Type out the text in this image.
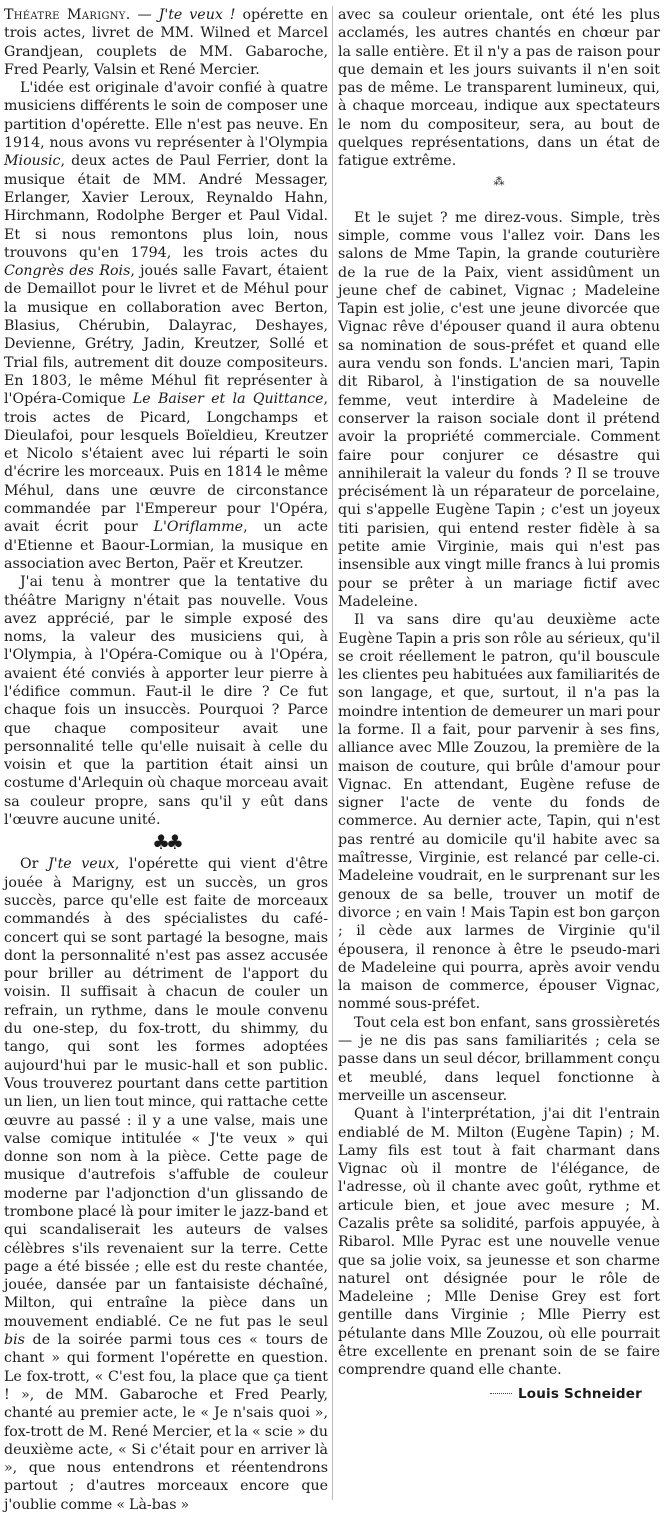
Théatre Marigny. — J'te veux ! opérette en trois actes, livret de MM. Wilned et Marcel Grandjean, couplets de MM. Gabaroche, Fred Pearly, Valsin et René Mercier.

L'idée est originale d'avoir confié à quatre musiciens différents le soin de composer une partition d'opérette. Elle n'est pas neuve. En 1914, nous avons vu représenter à l'Olympia Miousic, deux actes de Paul Ferrier, dont la musique était de MM. André Messager, Erlanger, Xavier Leroux, Reynaldo Hahn, Hirchmann, Rodolphe Berger et Paul Vidal. Et si nous remontons plus loin, nous trouvons qu'en 1794, les trois actes du Congrès des Rois, joués salle Favart, étaient de Demaillot pour le livret et de Méhul pour la musique en collaboration avec Berton, Blasius, Chérubin, Dalayrac, Deshayes, Devienne, Grétry, Jadin, Kreutzer, Sollé et Trial fils, autrement dit douze compositeurs. En 1803, le même Méhul fit représenter à l'Opéra-Comique Le Baiser et la Quittance, trois actes de Picard, Longchamps et Dieulafoi, pour lesquels Boïeldieu, Kreutzer et Nicolo s'étaient avec lui réparti le soin d'écrire les morceaux. Puis en 1814 le même Méhul, dans une œuvre de circonstance commandée par l'Empereur pour l'Opéra, avait écrit pour L'Oriflamme, un acte d'Etienne et Baour-Lormian, la musique en association avec Berton, Paër et Kreutzer.

J'ai tenu à montrer que la tentative du théâtre Marigny n'était pas nouvelle. Vous avez apprécié, par le simple exposé des noms, la valeur des musiciens qui, à l'Olympia, à l'Opéra-Comique ou à l'Opéra, avaient été conviés à apporter leur pierre à l'édifice commun. Faut-il le dire ? Ce fut chaque fois un insuccès. Pourquoi ? Parce que chaque compositeur avait une personnalité telle qu'elle nuisait à celle du voisin et que la partition était ainsi un costume d'Arlequin où chaque morceau avait sa couleur propre, sans qu'il y eût dans l'œuvre aucune unité.

♣♣

Or J'te veux, l'opérette qui vient d'être jouée à Marigny, est un succès, un gros succès, parce qu'elle est faite de morceaux commandés à des spécialistes du café-concert qui se sont partagé la besogne, mais dont la personnalité n'est pas assez accusée pour briller au détriment de l'apport du voisin. Il suffisait à chacun de couler un refrain, un rythme, dans le moule convenu du one-step, du fox-trott, du shimmy, du tango, qui sont les formes adoptées aujourd'hui par le music-hall et son public. Vous trouverez pourtant dans cette partition un lien, un lien tout mince, qui rattache cette œuvre au passé : il y a une valse, mais une valse comique intitulée « J'te veux » qui donne son nom à la pièce. Cette page de musique d'autrefois s'affuble de couleur moderne par l'adjonction d'un glissando de trombone placé là pour imiter le jazz-band et qui scandaliserait les auteurs de valses célèbres s'ils revenaient sur la terre. Cette page a été bissée ; elle est du reste chantée, jouée, dansée par un fantaisiste déchaîné, Milton, qui entraîne la pièce dans un mouvement endiablé. Ce ne fut pas le seul bis de la soirée parmi tous ces « tours de chant » qui forment l'opérette en question. Le fox-trott, « C'est fou, la place que ça tient ! », de MM. Gabaroche et Fred Pearly, chanté au premier acte, le « Je n'sais quoi », fox-trott de M. René Mercier, et la « scie » du deuxième acte, « Si c'était pour en arriver là », que nous entendrons et réentendrons partout ; d'autres morceaux encore que j'oublie comme « Là-bas »

avec sa couleur orientale, ont été les plus acclamés, les autres chantés en chœur par la salle entière. Et il n'y a pas de raison pour que demain et les jours suivants il n'en soit pas de même. Le transparent lumineux, qui, à chaque morceau, indique aux spectateurs le nom du compositeur, sera, au bout de quelques représentations, dans un état de fatigue extrême.

⁂

Et le sujet ? me direz-vous. Simple, très simple, comme vous l'allez voir. Dans les salons de Mme Tapin, la grande couturière de la rue de la Paix, vient assidûment un jeune chef de cabinet, Vignac ; Madeleine Tapin est jolie, c'est une jeune divorcée que Vignac rêve d'épouser quand il aura obtenu sa nomination de sous-préfet et quand elle aura vendu son fonds. L'ancien mari, Tapin dit Ribarol, à l'instigation de sa nouvelle femme, veut interdire à Madeleine de conserver la raison sociale dont il prétend avoir la propriété commerciale. Comment faire pour conjurer ce désastre qui annihilerait la valeur du fonds ? Il se trouve précisément là un réparateur de porcelaine, qui s'appelle Eugène Tapin ; c'est un joyeux titi parisien, qui entend rester fidèle à sa petite amie Virginie, mais qui n'est pas insensible aux vingt mille francs à lui promis pour se prêter à un mariage fictif avec Madeleine.

Il va sans dire qu'au deuxième acte Eugène Tapin a pris son rôle au sérieux, qu'il se croit réellement le patron, qu'il bouscule les clientes peu habituées aux familiarités de son langage, et que, surtout, il n'a pas la moindre intention de demeurer un mari pour la forme. Il a fait, pour parvenir à ses fins, alliance avec Mlle Zouzou, la première de la maison de couture, qui brûle d'amour pour Vignac. En attendant, Eugène refuse de signer l'acte de vente du fonds de commerce. Au dernier acte, Tapin, qui n'est pas rentré au domicile qu'il habite avec sa maîtresse, Virginie, est relancé par celle-ci. Madeleine voudrait, en le surprenant sur les genoux de sa belle, trouver un motif de divorce ; en vain ! Mais Tapin est bon garçon ; il cède aux larmes de Virginie qu'il épousera, il renonce à être le pseudo-mari de Madeleine qui pourra, après avoir vendu la maison de commerce, épouser Vignac, nommé sous-préfet.

Tout cela est bon enfant, sans grossièretés — je ne dis pas sans familiarités ; cela se passe dans un seul décor, brillamment conçu et meublé, dans lequel fonctionne à merveille un ascenseur.

Quant à l'interprétation, j'ai dit l'entrain endiablé de M. Milton (Eugène Tapin) ; M. Lamy fils est tout à fait charmant dans Vignac où il montre de l'élégance, de l'adresse, où il chante avec goût, rythme et articule bien, et joue avec mesure ; M. Cazalis prête sa solidité, parfois appuyée, à Ribarol. Mlle Pyrac est une nouvelle venue que sa jolie voix, sa jeunesse et son charme naturel ont désignée pour le rôle de Madeleine ; Mlle Denise Grey est fort gentille dans Virginie ; Mlle Pierry est pétulante dans Mlle Zouzou, où elle pourrait être excellente en prenant soin de se faire comprendre quand elle chante.

Louis Schneider
